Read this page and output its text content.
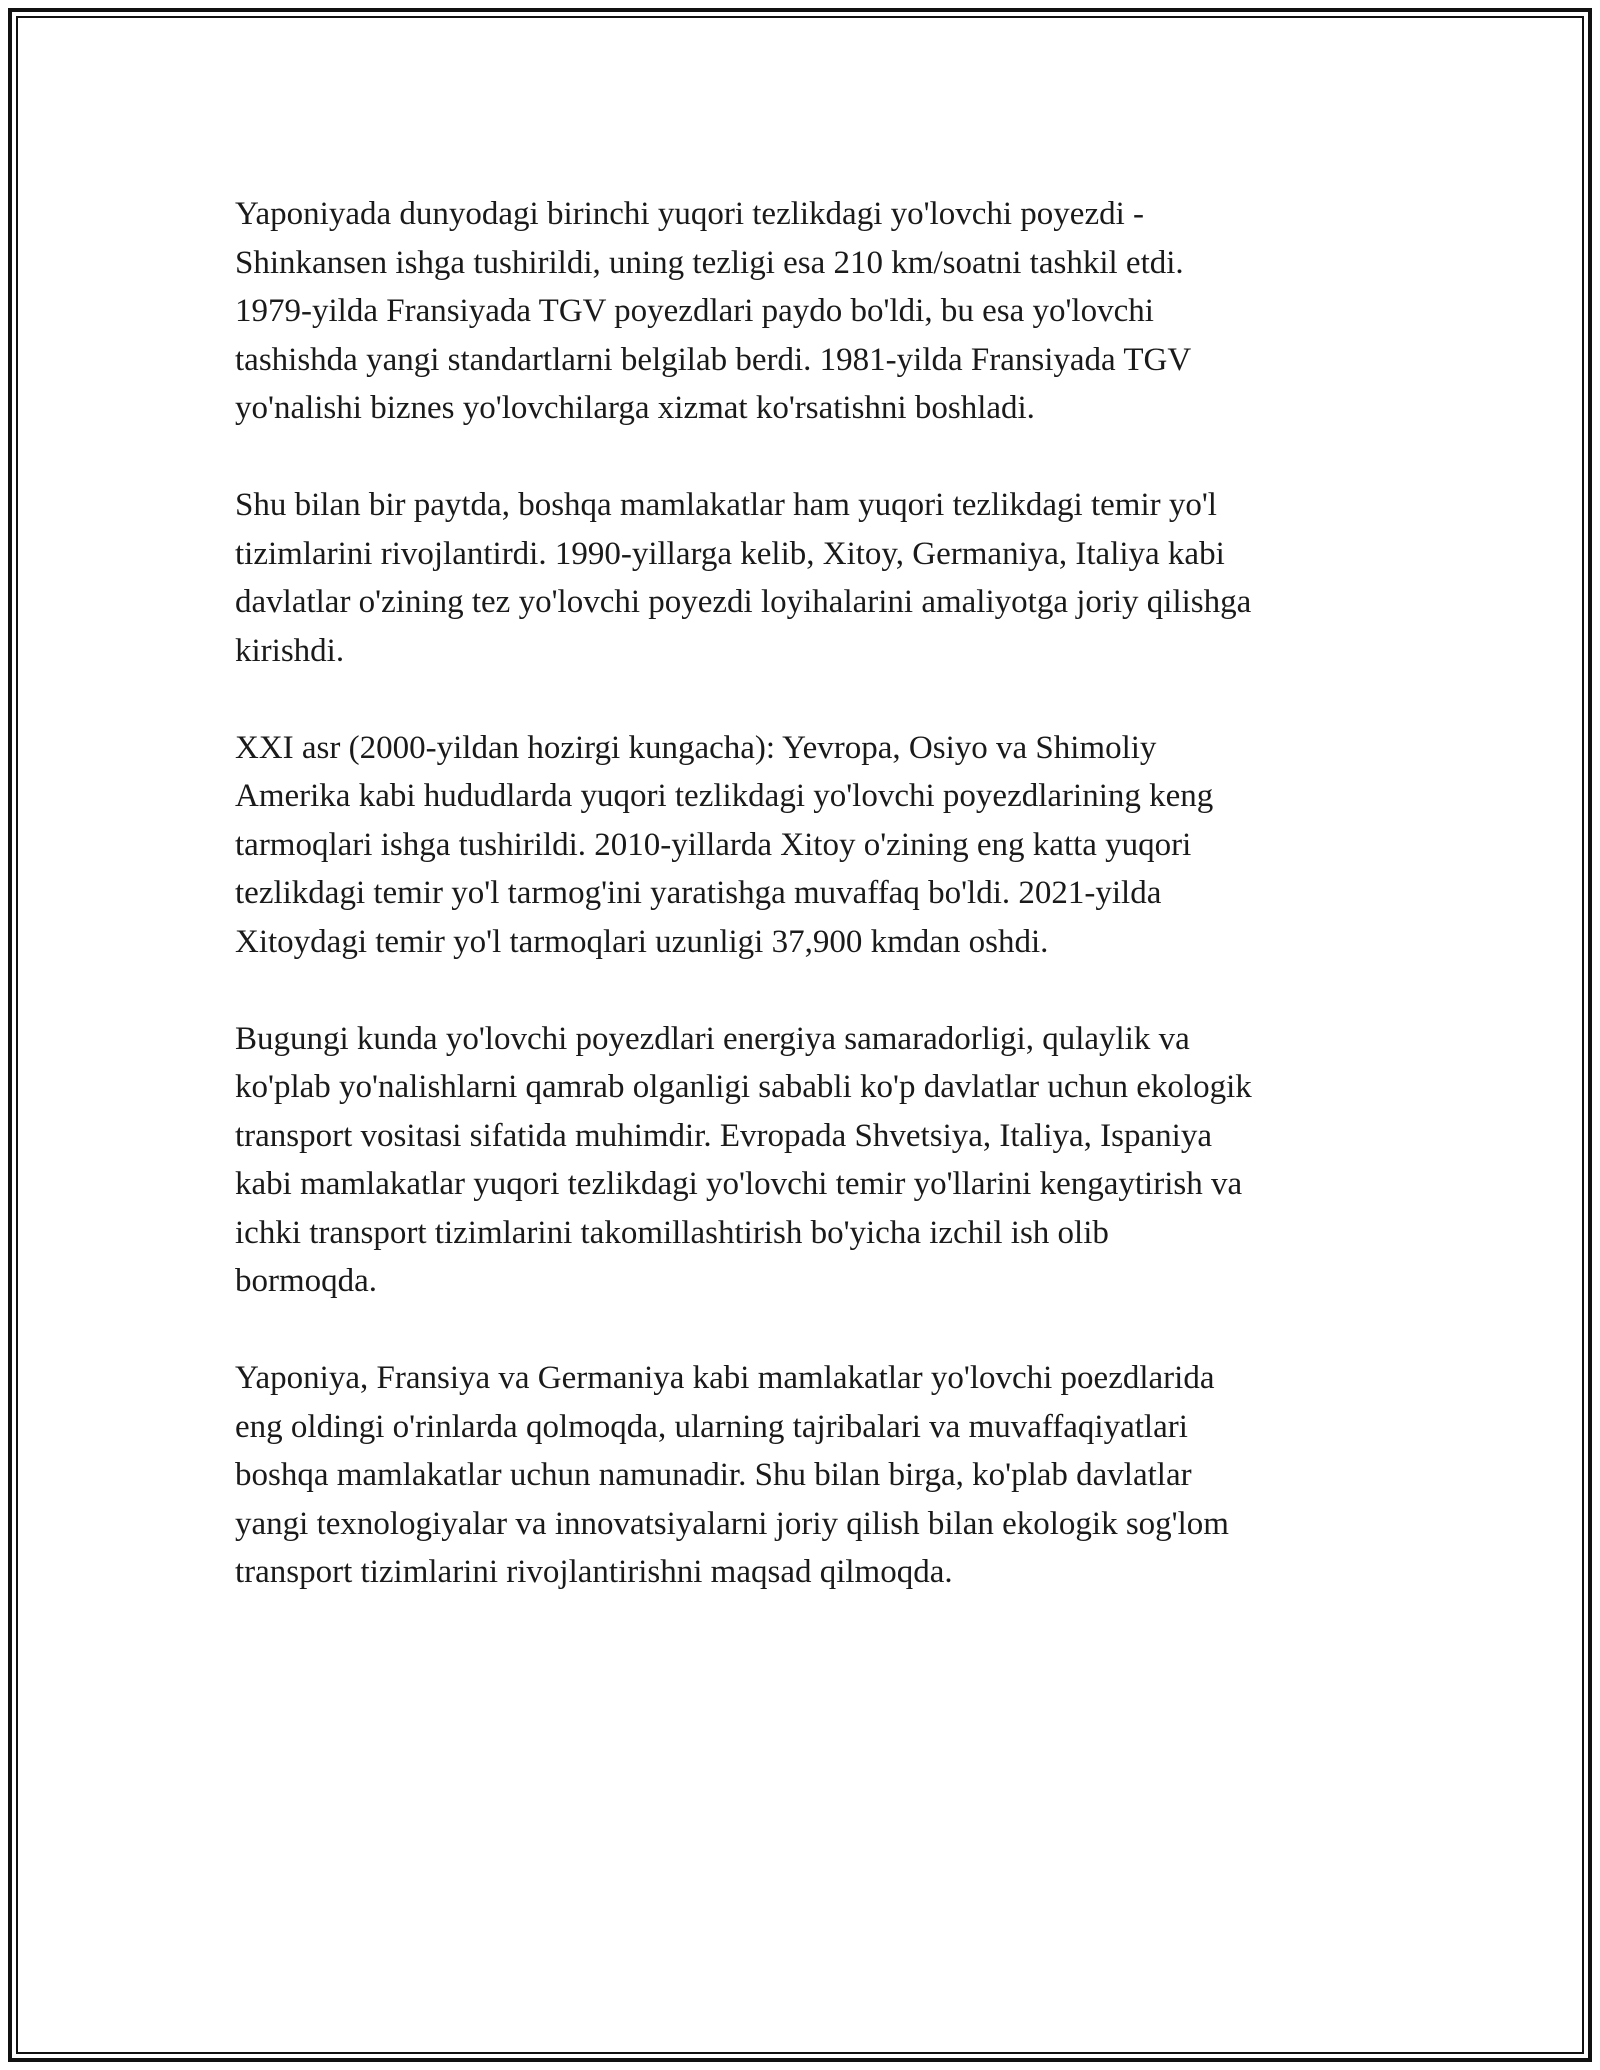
Yaponiyada dunyodagi birinchi yuqori tezlikdagi yo'lovchi poyezdi -
Shinkansen ishga tushirildi, uning tezligi esa 210 km/soatni tashkil etdi.
1979-yilda Fransiyada TGV poyezdlari paydo bo'ldi, bu esa yo'lovchi
tashishda yangi standartlarni belgilab berdi. 1981-yilda Fransiyada TGV
yo'nalishi biznes yo'lovchilarga xizmat ko'rsatishni boshladi.

Shu bilan bir paytda, boshqa mamlakatlar ham yuqori tezlikdagi temir yo'l
tizimlarini rivojlantirdi. 1990-yillarga kelib, Xitoy, Germaniya, Italiya kabi
davlatlar o'zining tez yo'lovchi poyezdi loyihalarini amaliyotga joriy qilishga
kirishdi.

XXI asr (2000-yildan hozirgi kungacha): Yevropa, Osiyo va Shimoliy
Amerika kabi hududlarda yuqori tezlikdagi yo'lovchi poyezdlarining keng
tarmoqlari ishga tushirildi. 2010-yillarda Xitoy o'zining eng katta yuqori
tezlikdagi temir yo'l tarmog'ini yaratishga muvaffaq bo'ldi. 2021-yilda
Xitoydagi temir yo'l tarmoqlari uzunligi 37,900 kmdan oshdi.

Bugungi kunda yo'lovchi poyezdlari energiya samaradorligi, qulaylik va
ko'plab yo'nalishlarni qamrab olganligi sababli ko'p davlatlar uchun ekologik
transport vositasi sifatida muhimdir. Evropada Shvetsiya, Italiya, Ispaniya
kabi mamlakatlar yuqori tezlikdagi yo'lovchi temir yo'llarini kengaytirish va
ichki transport tizimlarini takomillashtirish bo'yicha izchil ish olib
bormoqda.

Yaponiya, Fransiya va Germaniya kabi mamlakatlar yo'lovchi poezdlarida
eng oldingi o'rinlarda qolmoqda, ularning tajribalari va muvaffaqiyatlari
boshqa mamlakatlar uchun namunadir. Shu bilan birga, ko'plab davlatlar
yangi texnologiyalar va innovatsiyalarni joriy qilish bilan ekologik sog'lom
transport tizimlarini rivojlantirishni maqsad qilmoqda.
